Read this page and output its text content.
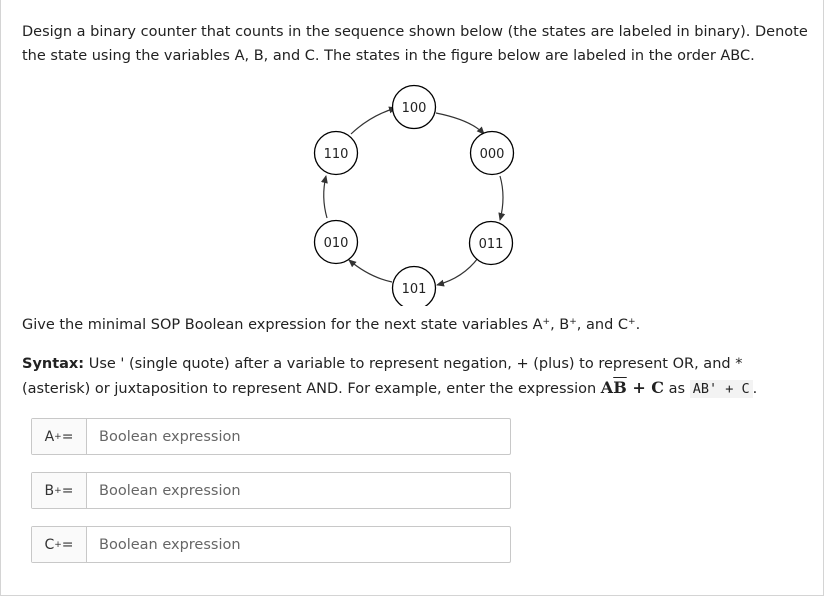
Design a binary counter that counts in the sequence shown below (the states are labeled in binary). Denote the state using the variables A, B, and C. The states in the figure below are labeled in the order ABC.
100
000
011
101
010
110
Give the minimal SOP Boolean expression for the next state variables A+, B+, and C+.
Syntax: Use ' (single quote) after a variable to represent negation, + (plus) to represent OR, and * (asterisk) or juxtaposition to represent AND. For example, enter the expression $A\overline{B} + C$ as AB' + C .
A + =
Boolean expression
B + =
Boolean expression
C + =
Boolean expression
